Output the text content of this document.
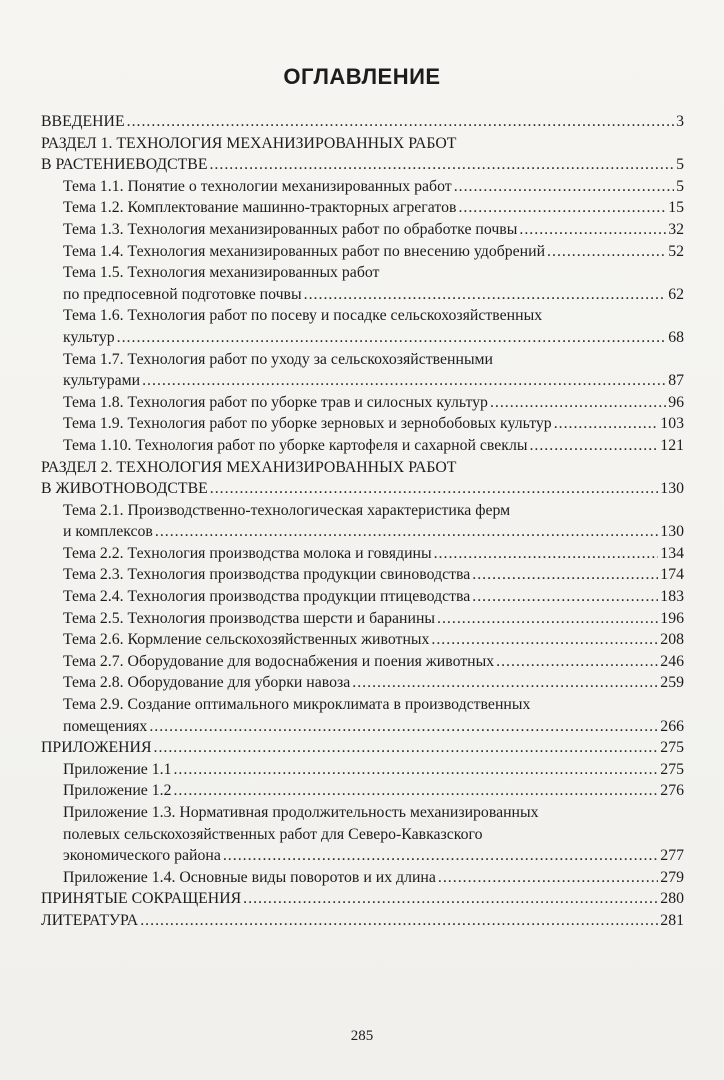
ОГЛАВЛЕНИЕ
ВВЕДЕНИЕ .....	3
РАЗДЕЛ 1. ТЕХНОЛОГИЯ МЕХАНИЗИРОВАННЫХ РАБОТ
В РАСТЕНИЕВОДСТВЕ .....	5
Тема 1.1. Понятие о технологии механизированных работ .....	5
Тема 1.2. Комплектование машинно-тракторных агрегатов .....	15
Тема 1.3. Технология механизированных работ по обработке почвы .....	32
Тема 1.4. Технология механизированных работ по внесению удобрений .....	52
Тема 1.5. Технология механизированных работ
по предпосевной подготовке почвы .....	62
Тема 1.6. Технология работ по посеву и посадке сельскохозяйственных
культур .....	68
Тема 1.7. Технология работ по уходу за сельскохозяйственными
культурами .....	87
Тема 1.8. Технология работ по уборке трав и силосных культур .....	96
Тема 1.9. Технология работ по уборке зерновых и зернобобовых культур .....	103
Тема 1.10. Технология работ по уборке картофеля и сахарной свеклы .....	121
РАЗДЕЛ 2. ТЕХНОЛОГИЯ МЕХАНИЗИРОВАННЫХ РАБОТ
В ЖИВОТНОВОДСТВЕ .....	130
Тема 2.1. Производственно-технологическая характеристика ферм
и комплексов .....	130
Тема 2.2. Технология производства молока и говядины .....	134
Тема 2.3. Технология производства продукции свиноводства .....	174
Тема 2.4. Технология производства продукции птицеводства .....	183
Тема 2.5. Технология производства шерсти и баранины .....	196
Тема 2.6. Кормление сельскохозяйственных животных .....	208
Тема 2.7. Оборудование для водоснабжения и поения животных .....	246
Тема 2.8. Оборудование для уборки навоза .....	259
Тема 2.9. Создание оптимального микроклимата в производственных
помещениях .....	266
ПРИЛОЖЕНИЯ .....	275
Приложение 1.1 .....	275
Приложение 1.2 .....	276
Приложение 1.3. Нормативная продолжительность механизированных
полевых сельскохозяйственных работ для Северо-Кавказского
экономического района .....	277
Приложение 1.4. Основные виды поворотов и их длина .....	279
ПРИНЯТЫЕ СОКРАЩЕНИЯ .....	280
ЛИТЕРАТУРА .....	281
285
